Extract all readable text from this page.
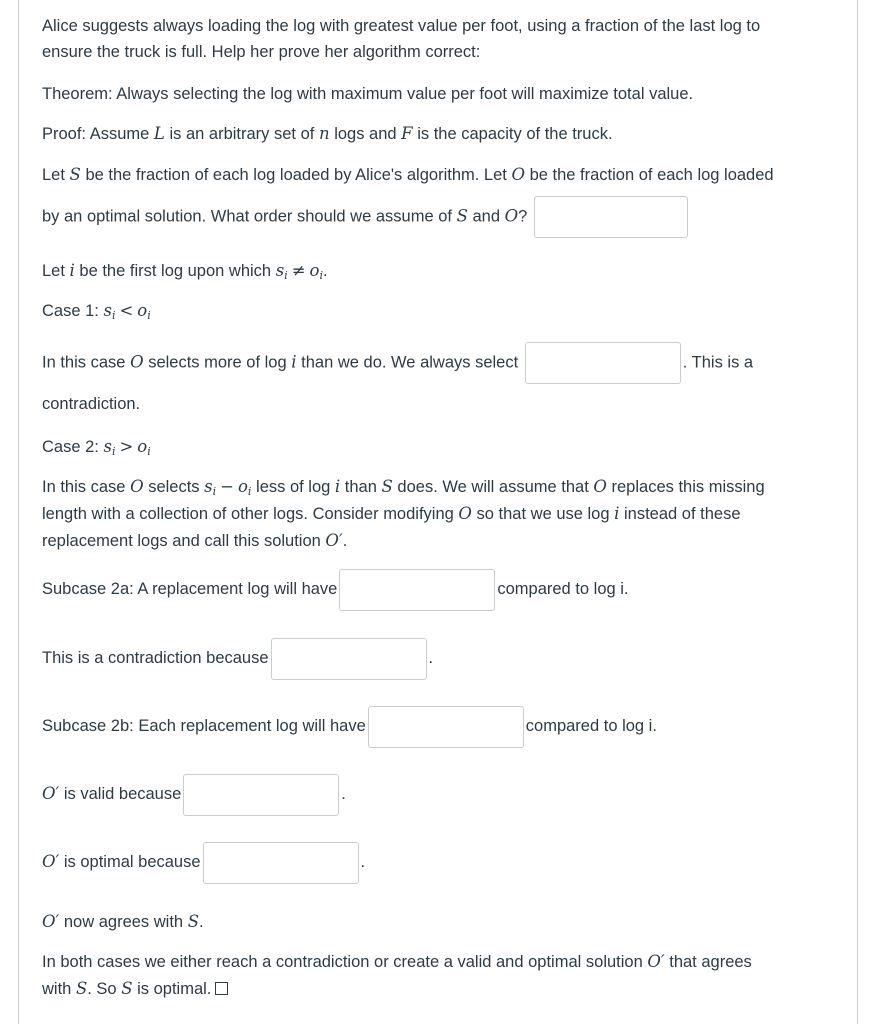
Alice suggests always loading the log with greatest value per foot, using a fraction of the last log to
ensure the truck is full. Help her prove her algorithm correct:
Theorem: Always selecting the log with maximum value per foot will maximize total value.
Proof: Assume L is an arbitrary set of n logs and F is the capacity of the truck.
Let S be the fraction of each log loaded by Alice's algorithm. Let O be the fraction of each log loaded
by an optimal solution. What order should we assume of S and O?
Let i be the first log upon which $s_i \ne o_i$.
Case 1: $s_i < o_i$
In this case O selects more of log i than we do. We always select	. This is a
contradiction.
Case 2: $s_i > o_i$
In this case O selects $s_i - o_i$ less of log i than S does. We will assume that O replaces this missing
length with a collection of other logs. Consider modifying O so that we use log i instead of these
replacement logs and call this solution O′.
Subcase 2a: A replacement log will have	compared to log i.
This is a contradiction because	.
Subcase 2b: Each replacement log will have	compared to log i.
O′ is valid because	.
O′ is optimal because	.
O′ now agrees with S.
In both cases we either reach a contradiction or create a valid and optimal solution O′ that agrees
with S. So S is optimal.
